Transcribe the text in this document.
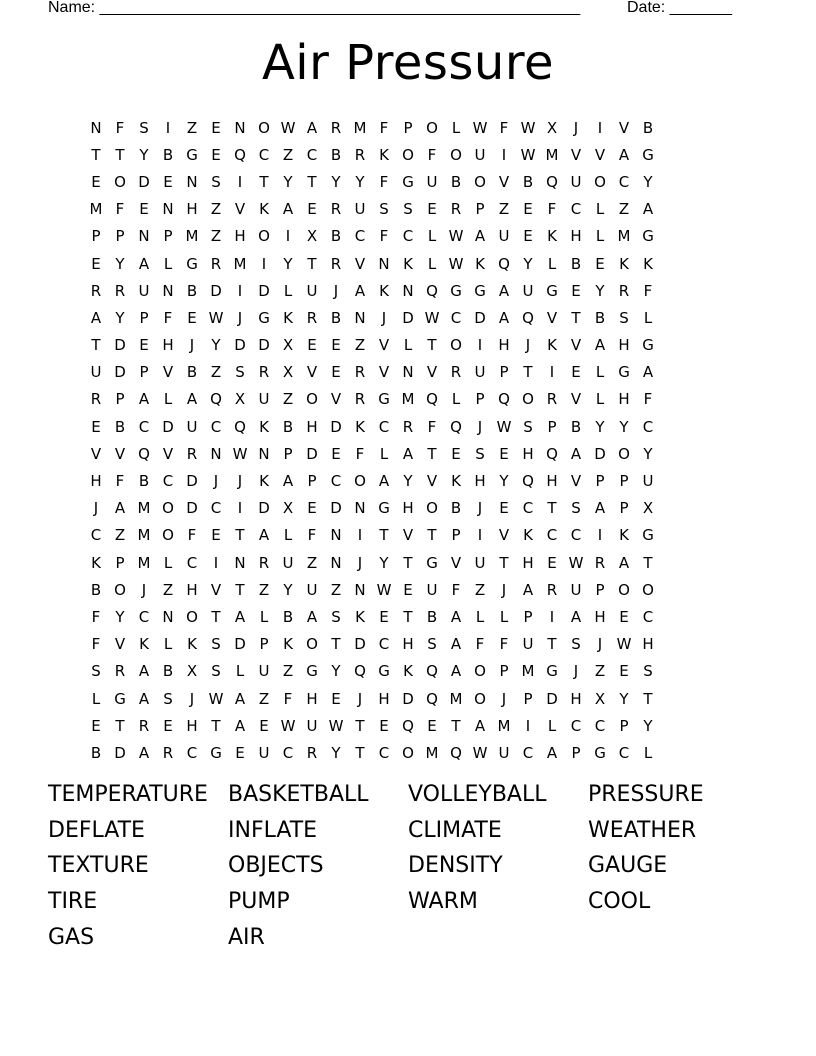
Name: ______________________________________________________	Date: _______
Air Pressure
N F S	I	Z E N O W A R M F	P O L W F W X	J	I	V B
T T Y B G E Q C Z C B R K O F O U	I W M V V A G
E O D E N S	I	T Y T Y Y	F G U B O V B Q U O C Y
M F E N H Z V K A E R U S S E R P Z E F C L Z A
P P N P M Z H O	I	X B C F C L W A U E K H L M G
E Y A L G R M	I	Y T R V N K L W K Q Y	L B E K K
R R U N B D	I	D L U	J	A K N Q G G A U G E Y R F
A Y P	F E W J	G K R B N	J	D W C D A Q V T B S	L
T D E H	J	Y D D X E E Z V L	T O	I	H	J	K V A H G
U D P V B Z S R X V E R V N V R U P T	I	E	L G A
R P A L A Q X U Z O V R G M Q L	P Q O R V L H F
E B C D U C Q K B H D K C R F Q	J W S P B Y Y C
V V Q V R N W N P D E F	L A T E S E H Q A D O Y
H F B C D	J	J	K A P C O A Y V K H Y Q H V P P U
J	A M O D C	I	D X E D N G H O B	J	E C T S A P X
C Z M O F E T A L	F N	I	T V T P	I	V K C C	I	K G
K P M L C	I	N R U Z N	J	Y T G V U T H E W R A T
B O	J	Z H V T Z Y U Z N W E U F Z	J	A R U P O O
F	Y C N O T A L B A S K E T B A L	L	P	I	A H E C
F V K L K S D P K O T D C H S A F	F U T S	J W H
S R A B X S	L U Z G Y Q G K Q A O P M G	J	Z E S
L G A S	J W A Z F H E	J	H D Q M O	J	P D H X Y T
E T R E H T A E W U W T E Q E T A M	I	L C C P Y
B D A R C G E U C R Y T C O M Q W U C A P G C L
TEMPERATURE BASKETBALL	VOLLEYBALL	PRESSURE
DEFLATE	INFLATE	CLIMATE	WEATHER
TEXTURE	OBJECTS	DENSITY	GAUGE
TIRE	PUMP	WARM	COOL
GAS	AIR
